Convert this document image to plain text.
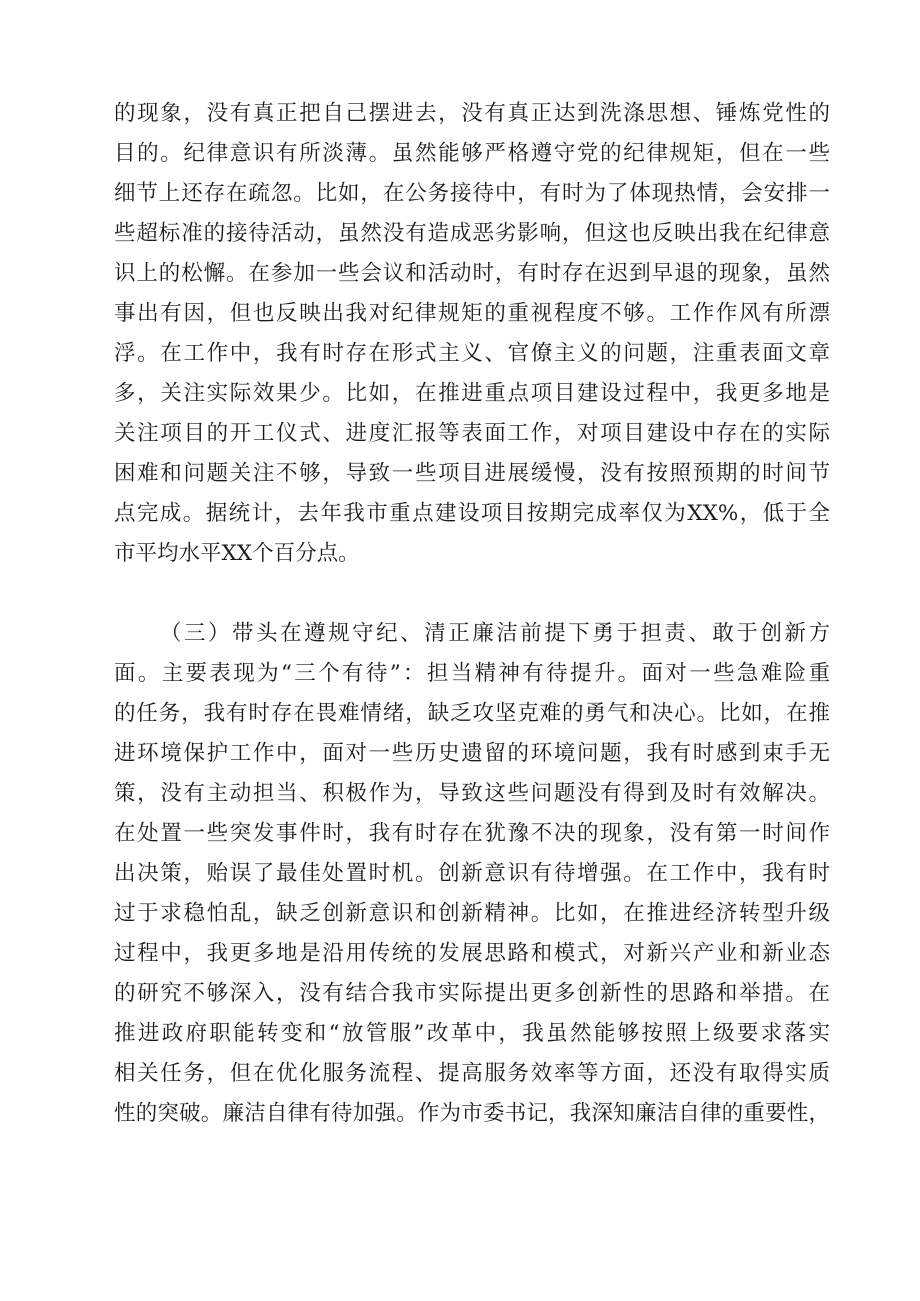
的现象，没有真正把自己摆进去，没有真正达到洗涤思想、锤炼党性的
目的。纪律意识有所淡薄。虽然能够严格遵守党的纪律规矩，但在一些
细节上还存在疏忽。比如，在公务接待中，有时为了体现热情，会安排一
些超标准的接待活动，虽然没有造成恶劣影响，但这也反映出我在纪律意
识上的松懈。在参加一些会议和活动时，有时存在迟到早退的现象，虽然
事出有因，但也反映出我对纪律规矩的重视程度不够。工作作风有所漂
浮。在工作中，我有时存在形式主义、官僚主义的问题，注重表面文章
多，关注实际效果少。比如，在推进重点项目建设过程中，我更多地是
关注项目的开工仪式、进度汇报等表面工作，对项目建设中存在的实际
困难和问题关注不够，导致一些项目进展缓慢，没有按照预期的时间节
点完成。据统计，去年我市重点建设项目按期完成率仅为XX%，低于全
市平均水平XX个百分点。
（三）带头在遵规守纪、清正廉洁前提下勇于担责、敢于创新方
面。主要表现为“三个有待”：担当精神有待提升。面对一些急难险重
的任务，我有时存在畏难情绪，缺乏攻坚克难的勇气和决心。比如，在推
进环境保护工作中，面对一些历史遗留的环境问题，我有时感到束手无
策，没有主动担当、积极作为，导致这些问题没有得到及时有效解决。
在处置一些突发事件时，我有时存在犹豫不决的现象，没有第一时间作
出决策，贻误了最佳处置时机。创新意识有待增强。在工作中，我有时
过于求稳怕乱，缺乏创新意识和创新精神。比如，在推进经济转型升级
过程中，我更多地是沿用传统的发展思路和模式，对新兴产业和新业态
的研究不够深入，没有结合我市实际提出更多创新性的思路和举措。在
推进政府职能转变和“放管服”改革中，我虽然能够按照上级要求落实
相关任务，但在优化服务流程、提高服务效率等方面，还没有取得实质
性的突破。廉洁自律有待加强。作为市委书记，我深知廉洁自律的重要性，
